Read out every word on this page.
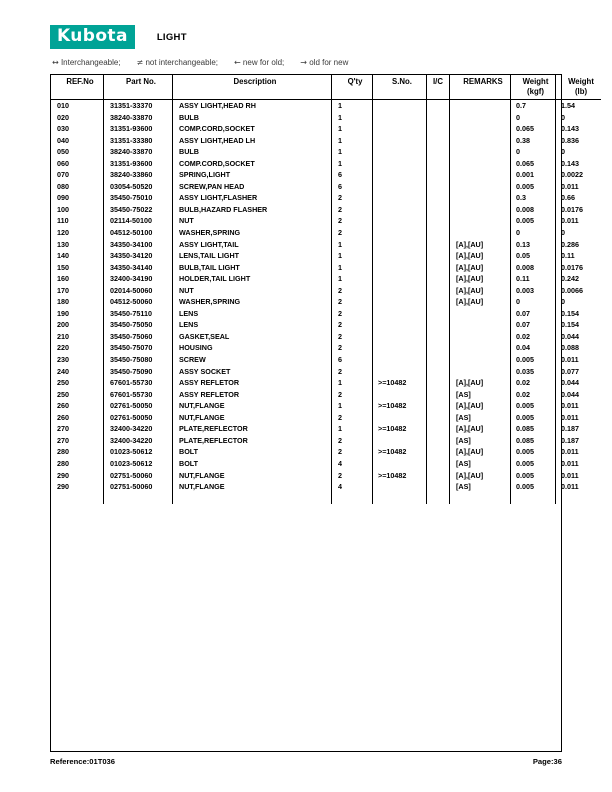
Kubota	LIGHT
↔ Interchangeable; ≠ not interchangeable; ← new for old; → old for new
REF.No	Part No.	Description	Q'ty	S.No.	I/C	REMARKS	Weight
(kgf)	Weight
(lb)
010	31351-33370	ASSY LIGHT,HEAD RH	1				0.7	1.54
020	38240-33870	BULB	1				0	0
030	31351-93600	COMP.CORD,SOCKET	1				0.065	0.143
040	31351-33380	ASSY LIGHT,HEAD LH	1				0.38	0.836
050	38240-33870	BULB	1				0	0
060	31351-93600	COMP.CORD,SOCKET	1				0.065	0.143
070	38240-33860	SPRING,LIGHT	6				0.001	0.0022
080	03054-50520	SCREW,PAN HEAD	6				0.005	0.011
090	35450-75010	ASSY LIGHT,FLASHER	2				0.3	0.66
100	35450-75022	BULB,HAZARD FLASHER	2				0.008	0.0176
110	02114-50100	NUT	2				0.005	0.011
120	04512-50100	WASHER,SPRING	2				0	0
130	34350-34100	ASSY LIGHT,TAIL	1			[A],[AU]	0.13	0.286
140	34350-34120	LENS,TAIL LIGHT	1			[A],[AU]	0.05	0.11
150	34350-34140	BULB,TAIL LIGHT	1			[A],[AU]	0.008	0.0176
160	32400-34190	HOLDER,TAIL LIGHT	1			[A],[AU]	0.11	0.242
170	02014-50060	NUT	2			[A],[AU]	0.003	0.0066
180	04512-50060	WASHER,SPRING	2			[A],[AU]	0	0
190	35450-75110	LENS	2				0.07	0.154
200	35450-75050	LENS	2				0.07	0.154
210	35450-75060	GASKET,SEAL	2				0.02	0.044
220	35450-75070	HOUSING	2				0.04	0.088
230	35450-75080	SCREW	6				0.005	0.011
240	35450-75090	ASSY SOCKET	2				0.035	0.077
250	67601-55730	ASSY REFLETOR	1	>=10482		[A],[AU]	0.02	0.044
250	67601-55730	ASSY REFLETOR	2			[AS]	0.02	0.044
260	02761-50050	NUT,FLANGE	1	>=10482		[A],[AU]	0.005	0.011
260	02761-50050	NUT,FLANGE	2			[AS]	0.005	0.011
270	32400-34220	PLATE,REFLECTOR	1	>=10482		[A],[AU]	0.085	0.187
270	32400-34220	PLATE,REFLECTOR	2			[AS]	0.085	0.187
280	01023-50612	BOLT	2	>=10482		[A],[AU]	0.005	0.011
280	01023-50612	BOLT	4			[AS]	0.005	0.011
290	02751-50060	NUT,FLANGE	2	>=10482		[A],[AU]	0.005	0.011
290	02751-50060	NUT,FLANGE	4			[AS]	0.005	0.011

Reference:01T036	Page:36
